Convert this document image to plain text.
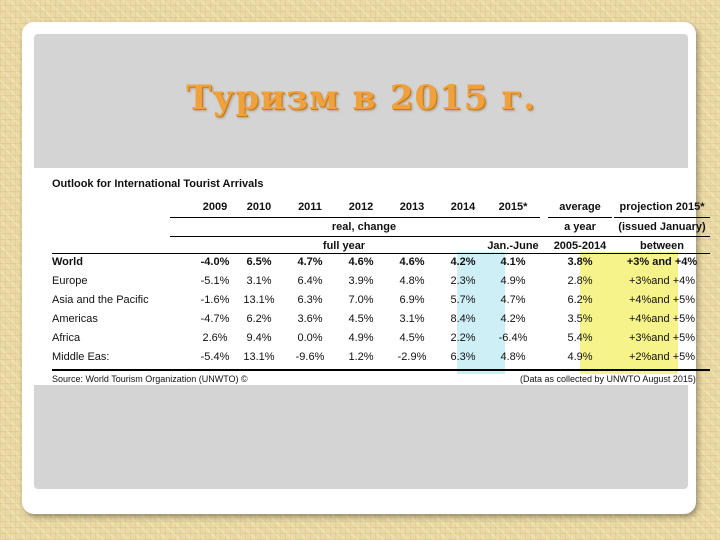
Туризм в 2015 г.
Outlook for International Tourist Arrivals
2009	2010	2011	2012	2013	2014	2015*	average	projection 2015*
real, change	a year	(issued January)
full year	Jan.-June	2005-2014	between
World	-4.0%	6.5%	4.7%	4.6%	4.6%	4.2%	4.1%	3.8%	+3% and +4%
Europe	-5.1%	3.1%	6.4%	3.9%	4.8%	2.3%	4.9%	2.8%	+3%and +4%
Asia and the Pacific	-1.6%	13.1%	6.3%	7.0%	6.9%	5.7%	4.7%	6.2%	+4%and +5%
Americas	-4.7%	6.2%	3.6%	4.5%	3.1%	8.4%	4.2%	3.5%	+4%and +5%
Africa	2.6%	9.4%	0.0%	4.9%	4.5%	2.2%	-6.4%	5.4%	+3%and +5%
Middle Eas:	-5.4%	13.1%	-9.6%	1.2%	-2.9%	6.3%	4.8%	4.9%	+2%and +5%
Source: World Tourism Organization (UNWTO) ©	(Data as collected by UNWTO August 2015)
